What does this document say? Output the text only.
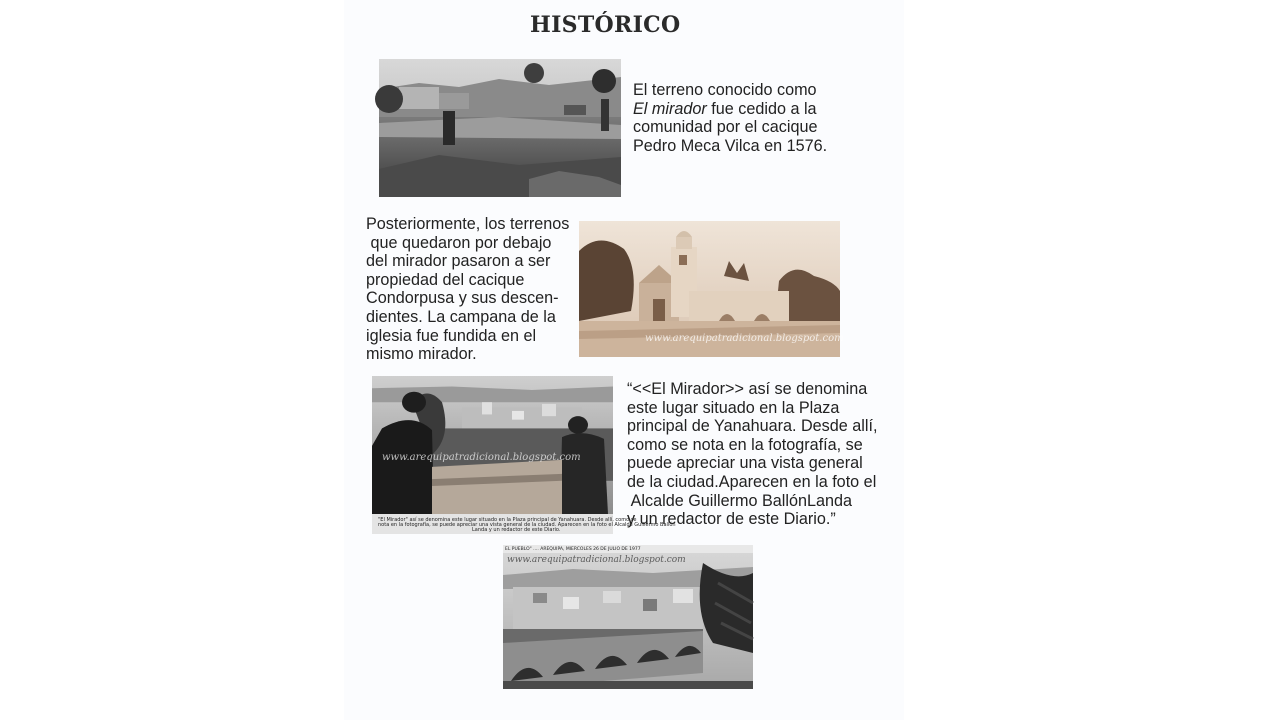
HISTÓRICO
El terreno conocido como
El mirador fue cedido a la
comunidad por el cacique
Pedro Meca Vilca en 1576.
Posteriormente, los terrenos
que quedaron por debajo
del mirador pasaron a ser
propiedad del cacique
Condorpusa y sus descen-
dientes. La campana de la
iglesia fue fundida en el
mismo mirador.
www.arequipatradicional.blogspot.com
www.arequipatradicional.blogspot.com
"El Mirador" así se denomina este lugar situado en la Plaza principal de Yanahuara. Desde allí, como se
nota en la fotografía, se puede apreciar una vista general de la ciudad. Aparecen en la foto el Alcalde Guillermo Ballón
Landa y un redactor de este Diario.
“<<El Mirador>> así se denomina
este lugar situado en la Plaza
principal de Yanahuara. Desde allí,
como se nota en la fotografía, se
puede apreciar una vista general
de la ciudad.Aparecen en la foto el
Alcalde Guillermo BallónLanda
y un redactor de este Diario.”
EL PUEBLO" .... AREQUIPA, MIERCOLES 26 DE JULIO DE 1977
www.arequipatradicional.blogspot.com
